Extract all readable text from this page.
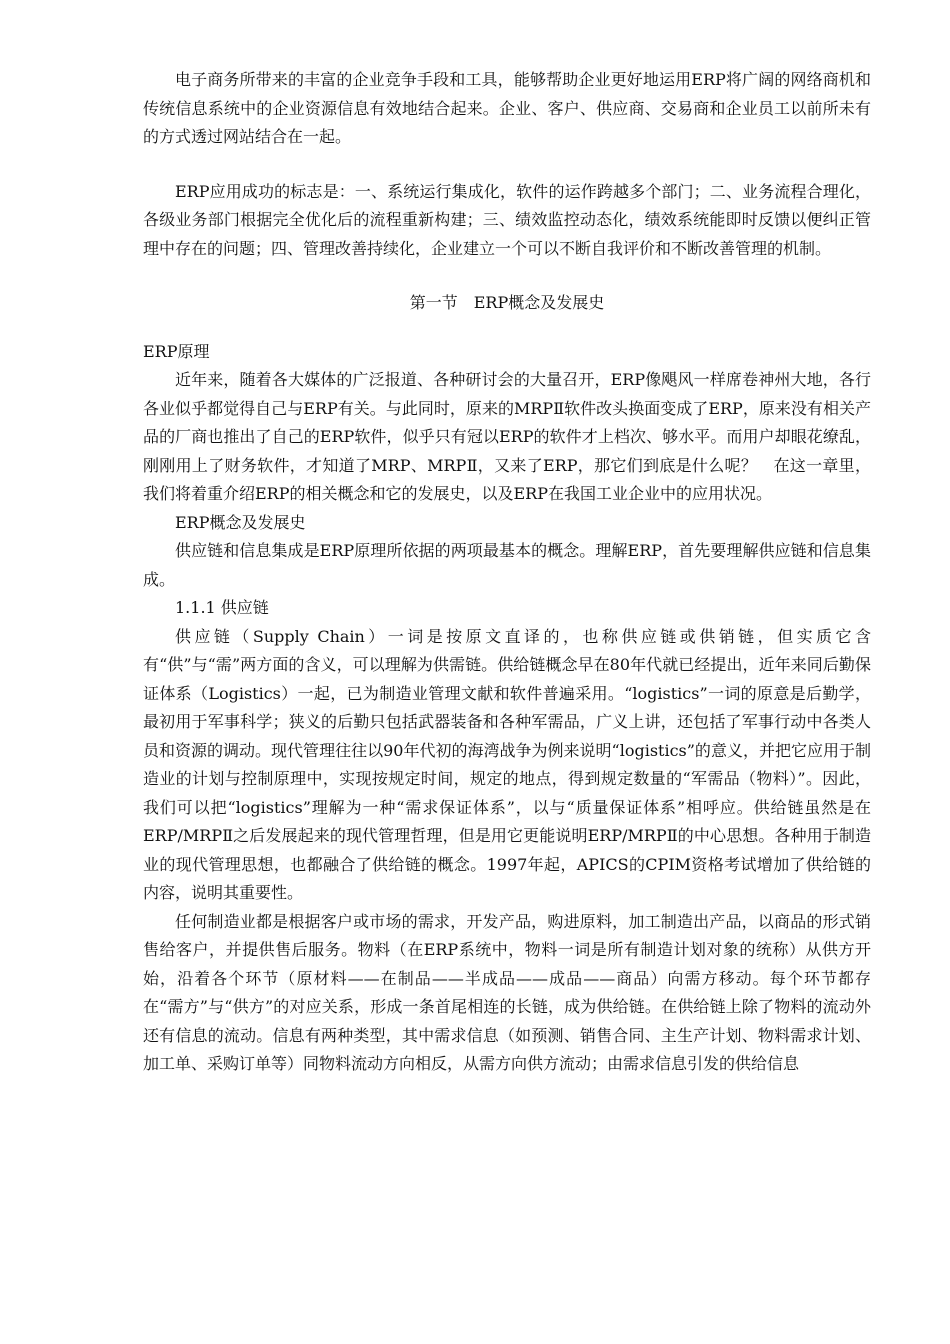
电子商务所带来的丰富的企业竞争手段和工具，能够帮助企业更好地运用ERP将广阔的网络商机和传统信息系统中的企业资源信息有效地结合起来。企业、客户、供应商、交易商和企业员工以前所未有的方式透过网站结合在一起。

ERP应用成功的标志是：一、系统运行集成化，软件的运作跨越多个部门；二、业务流程合理化，各级业务部门根据完全优化后的流程重新构建；三、绩效监控动态化，绩效系统能即时反馈以便纠正管理中存在的问题；四、管理改善持续化，企业建立一个可以不断自我评价和不断改善管理的机制。

第一节　ERP概念及发展史

ERP原理

近年来，随着各大媒体的广泛报道、各种研讨会的大量召开，ERP像飓风一样席卷神州大地，各行各业似乎都觉得自己与ERP有关。与此同时，原来的MRPⅡ软件改头换面变成了ERP，原来没有相关产品的厂商也推出了自己的ERP软件，似乎只有冠以ERP的软件才上档次、够水平。而用户却眼花缭乱，刚刚用上了财务软件，才知道了MRP、MRPⅡ，又来了ERP，那它们到底是什么呢？　在这一章里，我们将着重介绍ERP的相关概念和它的发展史，以及ERP在我国工业企业中的应用状况。

ERP概念及发展史

供应链和信息集成是ERP原理所依据的两项最基本的概念。理解ERP，首先要理解供应链和信息集成。

1.1.1 供应链

供应链（Supply Chain）一词是按原文直译的，也称供应链或供销链，但实质它含有“供”与“需”两方面的含义，可以理解为供需链。供给链概念早在80年代就已经提出，近年来同后勤保证体系（Logistics）一起，已为制造业管理文献和软件普遍采用。“logistics”一词的原意是后勤学，最初用于军事科学；狭义的后勤只包括武器装备和各种军需品，广义上讲，还包括了军事行动中各类人员和资源的调动。现代管理往往以90年代初的海湾战争为例来说明“logistics”的意义，并把它应用于制造业的计划与控制原理中，实现按规定时间，规定的地点，得到规定数量的“军需品（物料）”。因此，我们可以把“logistics”理解为一种“需求保证体系”，以与“质量保证体系”相呼应。供给链虽然是在ERP/MRPⅡ之后发展起来的现代管理哲理，但是用它更能说明ERP/MRPⅡ的中心思想。各种用于制造业的现代管理思想，也都融合了供给链的概念。1997年起，APICS的CPIM资格考试增加了供给链的内容，说明其重要性。

任何制造业都是根据客户或市场的需求，开发产品，购进原料，加工制造出产品，以商品的形式销售给客户，并提供售后服务。物料（在ERP系统中，物料一词是所有制造计划对象的统称）从供方开始，沿着各个环节（原材料——在制品——半成品——成品——商品）向需方移动。每个环节都存在“需方”与“供方”的对应关系，形成一条首尾相连的长链，成为供给链。在供给链上除了物料的流动外还有信息的流动。信息有两种类型，其中需求信息（如预测、销售合同、主生产计划、物料需求计划、加工单、采购订单等）同物料流动方向相反，从需方向供方流动；由需求信息引发的供给信息
